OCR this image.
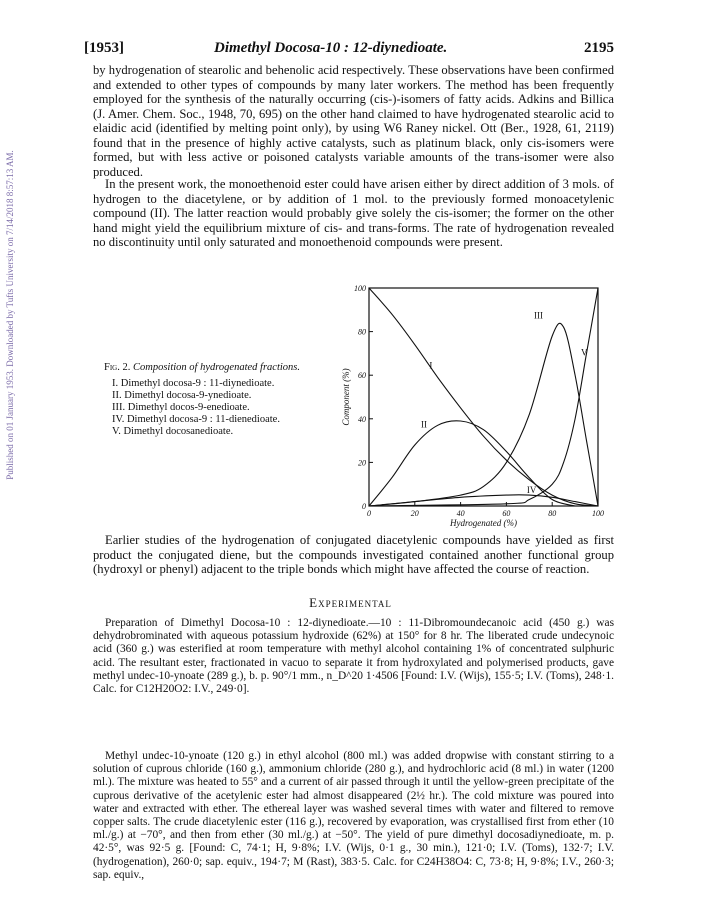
Published on 01 January 1953. Downloaded by Tufts University on 7/14/2018 8:57:13 AM.
[1953]	Dimethyl Docosa-10 : 12-diynedioate.	2195
by hydrogenation of stearolic and behenolic acid respectively. These observations have been confirmed and extended to other types of compounds by many later workers. The method has been frequently employed for the synthesis of the naturally occurring (cis-)-isomers of fatty acids. Adkins and Billica (J. Amer. Chem. Soc., 1948, 70, 695) on the other hand claimed to have hydrogenated stearolic acid to elaidic acid (identified by melting point only), by using W6 Raney nickel. Ott (Ber., 1928, 61, 2119) found that in the presence of highly active catalysts, such as platinum black, only cis-isomers were formed, but with less active or poisoned catalysts variable amounts of the trans-isomer were also produced.
In the present work, the monoethenoid ester could have arisen either by direct addition of 3 mols. of hydrogen to the diacetylene, or by addition of 1 mol. to the previously formed monoacetylenic compound (II). The latter reaction would probably give solely the cis-isomer; the former on the other hand might yield the equilibrium mixture of cis- and trans-forms. The rate of hydrogenation revealed no discontinuity until only saturated and monoethenoid compounds were present.
Fig. 2. Composition of hydrogenated fractions.
I. Dimethyl docosa-9 : 11-diynedioate.
II. Dimethyl docosa-9-ynedioate.
III. Dimethyl docos-9-enedioate.
IV. Dimethyl docosa-9 : 11-dienedioate.
V. Dimethyl docosanedioate.
0	20	40	60	80	100
0
20
40
60
80
100
Hydrogenated (%)
Component (%)
I
II
III
IV
V
Earlier studies of the hydrogenation of conjugated diacetylenic compounds have yielded as first product the conjugated diene, but the compounds investigated contained another functional group (hydroxyl or phenyl) adjacent to the triple bonds which might have affected the course of reaction.
Experimental
Preparation of Dimethyl Docosa-10 : 12-diynedioate.—10 : 11-Dibromoundecanoic acid (450 g.) was dehydrobrominated with aqueous potassium hydroxide (62%) at 150° for 8 hr. The liberated crude undecynoic acid (360 g.) was esterified at room temperature with methyl alcohol containing 1% of concentrated sulphuric acid. The resultant ester, fractionated in vacuo to separate it from hydroxylated and polymerised products, gave methyl undec-10-ynoate (289 g.), b. p. 90°/1 mm., n_D^20 1·4506 [Found: I.V. (Wijs), 155·5; I.V. (Toms), 248·1. Calc. for C12H20O2: I.V., 249·0].
Methyl undec-10-ynoate (120 g.) in ethyl alcohol (800 ml.) was added dropwise with constant stirring to a solution of cuprous chloride (160 g.), ammonium chloride (280 g.), and hydrochloric acid (8 ml.) in water (1200 ml.). The mixture was heated to 55° and a current of air passed through it until the yellow-green precipitate of the cuprous derivative of the acetylenic ester had almost disappeared (2½ hr.). The cold mixture was poured into water and extracted with ether. The ethereal layer was washed several times with water and filtered to remove copper salts. The crude diacetylenic ester (116 g.), recovered by evaporation, was crystallised first from ether (10 ml./g.) at −70°, and then from ether (30 ml./g.) at −50°. The yield of pure dimethyl docosadiynedioate, m. p. 42·5°, was 92·5 g. [Found: C, 74·1; H, 9·8%; I.V. (Wijs, 0·1 g., 30 min.), 121·0; I.V. (Toms), 132·7; I.V. (hydrogenation), 260·0; sap. equiv., 194·7; M (Rast), 383·5. Calc. for C24H38O4: C, 73·8; H, 9·8%; I.V., 260·3; sap. equiv.,
